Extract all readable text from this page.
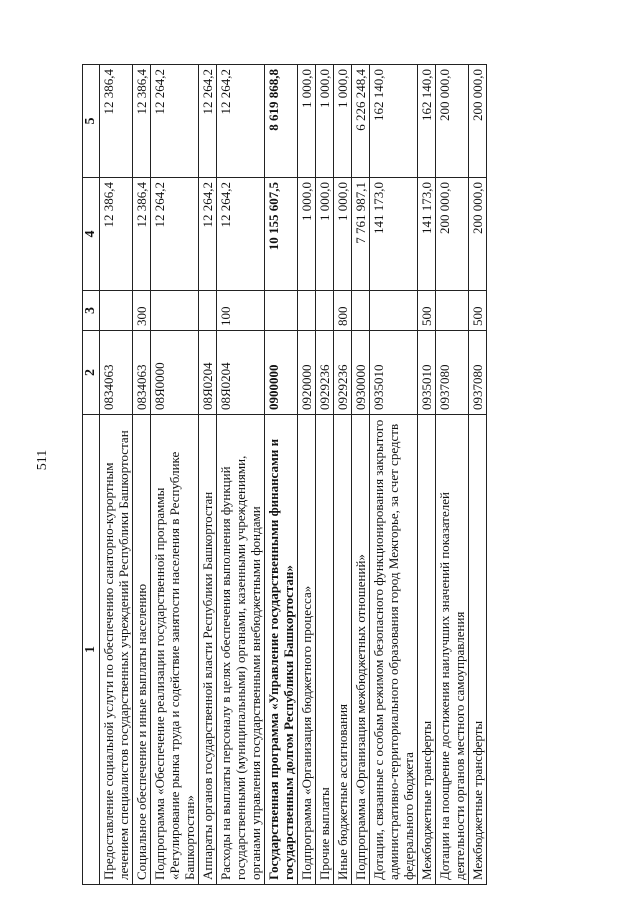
511
1	2	3	4	5
Предоставление социальной услуги по обеспечению санаторно-курортным лечением специалистов государственных учреждений Республики Башкортостан	0834063		12 386,4	12 386,4
Социальное обеспечение и иные выплаты населению	0834063	300	12 386,4	12 386,4
Подпрограмма «Обеспечение реализации государственной программы «Регулирование рынка труда и содействие занятости населения в Республике Башкортостан»	08Я0000		12 264,2	12 264,2
Аппараты органов государственной власти Республики Башкортостан	08Я0204		12 264,2	12 264,2
Расходы на выплаты персоналу в целях обеспечения выполнения функций государственными (муниципальными) органами, казенными учреждениями, органами управления государственными внебюджетными фондами	08Я0204	100	12 264,2	12 264,2
Государственная программа «Управление государственными финансами и государственным долгом Республики Башкортостан»	0900000		10 155 607,5	8 619 868,8
Подпрограмма «Организация бюджетного процесса»	0920000		1 000,0	1 000,0
Прочие выплаты	0929236		1 000,0	1 000,0
Иные бюджетные ассигнования	0929236	800	1 000,0	1 000,0
Подпрограмма «Организация межбюджетных отношений»	0930000		7 761 987,1	6 226 248,4
Дотации, связанные с особым режимом безопасного функционирования закрытого административно-территориального образования город Межгорье, за счет средств федерального бюджета	0935010		141 173,0	162 140,0
Межбюджетные трансферты	0935010	500	141 173,0	162 140,0
Дотации на поощрение достижения наилучших значений показателей деятельности органов местного самоуправления	0937080		200 000,0	200 000,0
Межбюджетные трансферты	0937080	500	200 000,0	200 000,0
